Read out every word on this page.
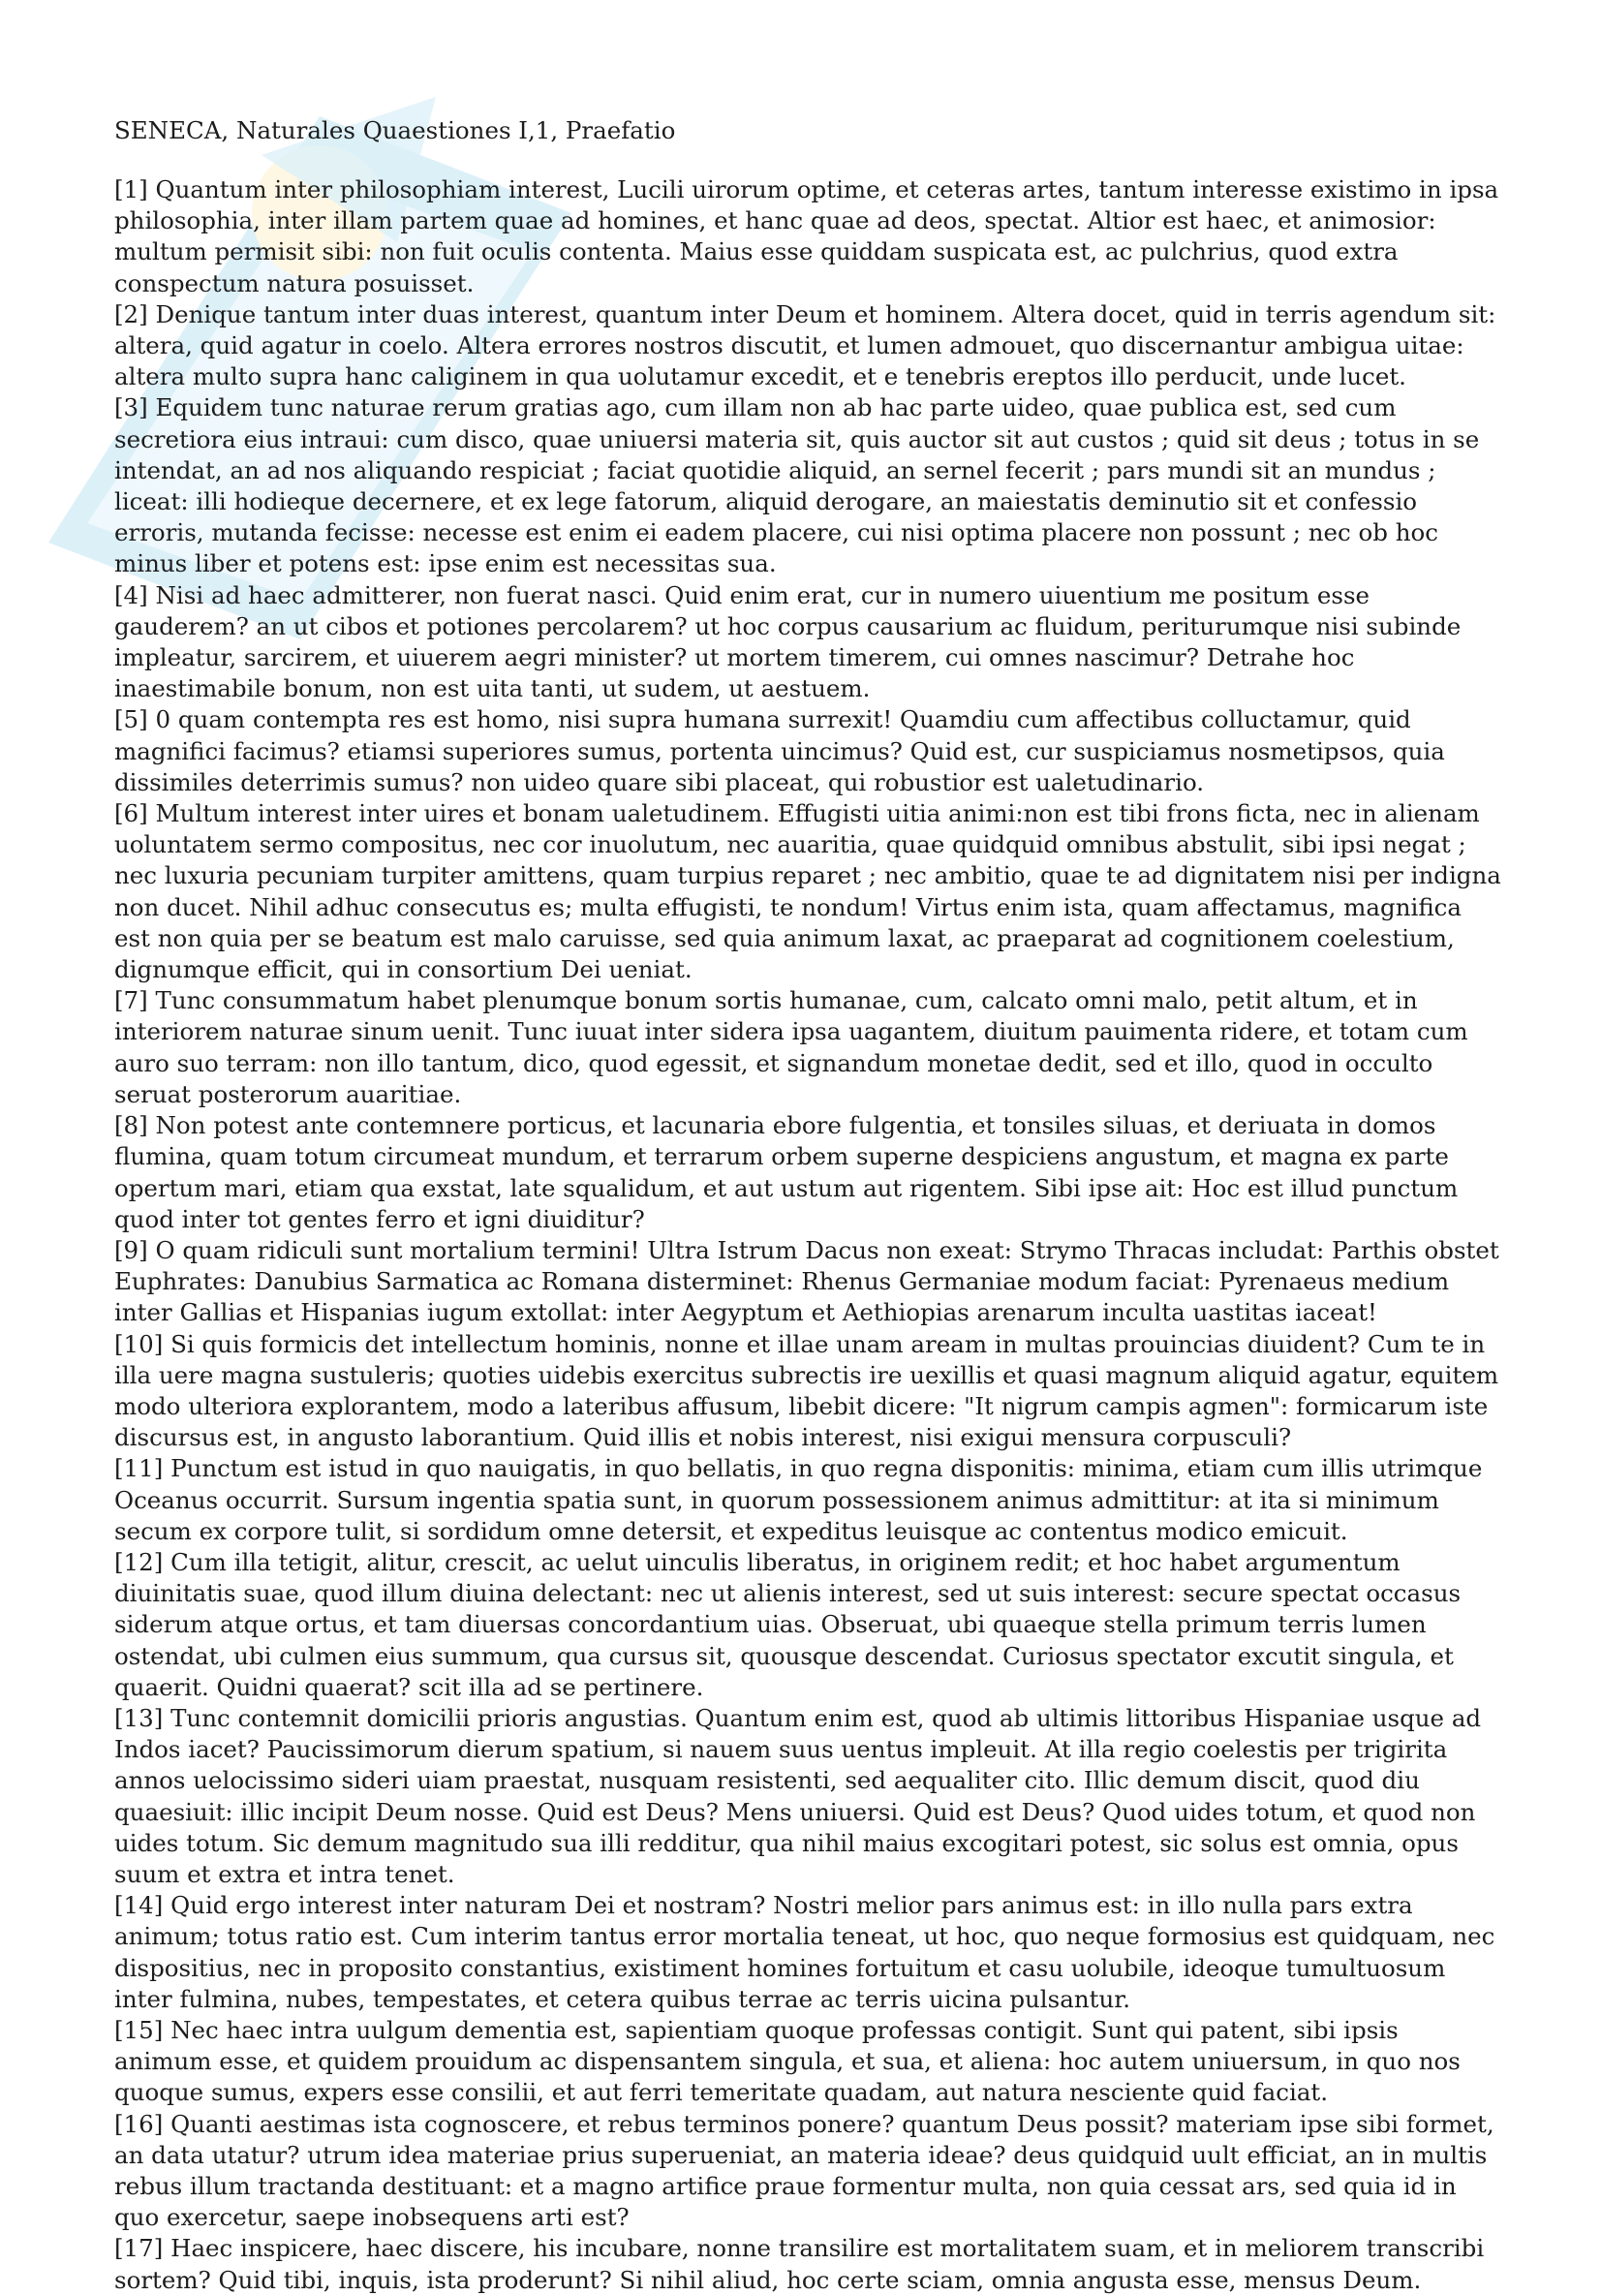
SENECA, Naturales Quaestiones I,1, Praefatio

[1] Quantum inter philosophiam interest, Lucili uirorum optime, et ceteras artes, tantum interesse existimo in ipsa philosophia, inter illam partem quae ad homines, et hanc quae ad deos, spectat. Altior est haec, et animosior: multum permisit sibi: non fuit oculis contenta. Maius esse quiddam suspicata est, ac pulchrius, quod extra conspectum natura posuisset.

[2] Denique tantum inter duas interest, quantum inter Deum et hominem. Altera docet, quid in terris agendum sit: altera, quid agatur in coelo. Altera errores nostros discutit, et lumen admouet, quo discernantur ambigua uitae: altera multo supra hanc caliginem in qua uolutamur excedit, et e tenebris ereptos illo perducit, unde lucet.

[3] Equidem tunc naturae rerum gratias ago, cum illam non ab hac parte uideo, quae publica est, sed cum secretiora eius intraui: cum disco, quae uniuersi materia sit, quis auctor sit aut custos ; quid sit deus ; totus in se intendat, an ad nos aliquando respiciat ; faciat quotidie aliquid, an sernel fecerit ; pars mundi sit an mundus ; liceat: illi hodieque decernere, et ex lege fatorum, aliquid derogare, an maiestatis deminutio sit et confessio erroris, mutanda fecisse: necesse est enim ei eadem placere, cui nisi optima placere non possunt ; nec ob hoc minus liber et potens est: ipse enim est necessitas sua.

[4] Nisi ad haec admitterer, non fuerat nasci. Quid enim erat, cur in numero uiuentium me positum esse gauderem? an ut cibos et potiones percolarem? ut hoc corpus causarium ac fluidum, periturumque nisi subinde impleatur, sarcirem, et uiuerem aegri minister? ut mortem timerem, cui omnes nascimur? Detrahe hoc inaestimabile bonum, non est uita tanti, ut sudem, ut aestuem.

[5] 0 quam contempta res est homo, nisi supra humana surrexit! Quamdiu cum affectibus colluctamur, quid magnifici facimus? etiamsi superiores sumus, portenta uincimus? Quid est, cur suspiciamus nosmetipsos, quia dissimiles deterrimis sumus? non uideo quare sibi placeat, qui robustior est ualetudinario.

[6] Multum interest inter uires et bonam ualetudinem. Effugisti uitia animi:non est tibi frons ficta, nec in alienam uoluntatem sermo compositus, nec cor inuolutum, nec auaritia, quae quidquid omnibus abstulit, sibi ipsi negat ; nec luxuria pecuniam turpiter amittens, quam turpius reparet ; nec ambitio, quae te ad dignitatem nisi per indigna non ducet. Nihil adhuc consecutus es; multa effugisti, te nondum! Virtus enim ista, quam affectamus, magnifica est non quia per se beatum est malo caruisse, sed quia animum laxat, ac praeparat ad cognitionem coelestium, dignumque efficit, qui in consortium Dei ueniat.

[7] Tunc consummatum habet plenumque bonum sortis humanae, cum, calcato omni malo, petit altum, et in interiorem naturae sinum uenit. Tunc iuuat inter sidera ipsa uagantem, diuitum pauimenta ridere, et totam cum auro suo terram: non illo tantum, dico, quod egessit, et signandum monetae dedit, sed et illo, quod in occulto seruat posterorum auaritiae.

[8] Non potest ante contemnere porticus, et lacunaria ebore fulgentia, et tonsiles siluas, et deriuata in domos flumina, quam totum circumeat mundum, et terrarum orbem superne despiciens angustum, et magna ex parte opertum mari, etiam qua exstat, late squalidum, et aut ustum aut rigentem. Sibi ipse ait: Hoc est illud punctum quod inter tot gentes ferro et igni diuiditur?

[9] O quam ridiculi sunt mortalium termini! Ultra Istrum Dacus non exeat: Strymo Thracas includat: Parthis obstet Euphrates: Danubius Sarmatica ac Romana disterminet: Rhenus Germaniae modum faciat: Pyrenaeus medium inter Gallias et Hispanias iugum extollat: inter Aegyptum et Aethiopias arenarum inculta uastitas iaceat!

[10] Si quis formicis det intellectum hominis, nonne et illae unam aream in multas prouincias diuident? Cum te in illa uere magna sustuleris; quoties uidebis exercitus subrectis ire uexillis et quasi magnum aliquid agatur, equitem modo ulteriora explorantem, modo a lateribus affusum, libebit dicere: "It nigrum campis agmen": formicarum iste discursus est, in angusto laborantium. Quid illis et nobis interest, nisi exigui mensura corpusculi?

[11] Punctum est istud in quo nauigatis, in quo bellatis, in quo regna disponitis: minima, etiam cum illis utrimque Oceanus occurrit. Sursum ingentia spatia sunt, in quorum possessionem animus admittitur: at ita si minimum secum ex corpore tulit, si sordidum omne detersit, et expeditus leuisque ac contentus modico emicuit.

[12] Cum illa tetigit, alitur, crescit, ac uelut uinculis liberatus, in originem redit; et hoc habet argumentum diuinitatis suae, quod illum diuina delectant: nec ut alienis interest, sed ut suis interest: secure spectat occasus siderum atque ortus, et tam diuersas concordantium uias. Obseruat, ubi quaeque stella primum terris lumen ostendat, ubi culmen eius summum, qua cursus sit, quousque descendat. Curiosus spectator excutit singula, et quaerit. Quidni quaerat? scit illa ad se pertinere.

[13] Tunc contemnit domicilii prioris angustias. Quantum enim est, quod ab ultimis littoribus Hispaniae usque ad Indos iacet? Paucissimorum dierum spatium, si nauem suus uentus impleuit. At illa regio coelestis per trigirita annos uelocissimo sideri uiam praestat, nusquam resistenti, sed aequaliter cito. Illic demum discit, quod diu quaesiuit: illic incipit Deum nosse. Quid est Deus? Mens uniuersi. Quid est Deus? Quod uides totum, et quod non uides totum. Sic demum magnitudo sua illi redditur, qua nihil maius excogitari potest, sic solus est omnia, opus suum et extra et intra tenet.

[14] Quid ergo interest inter naturam Dei et nostram? Nostri melior pars animus est: in illo nulla pars extra animum; totus ratio est. Cum interim tantus error mortalia teneat, ut hoc, quo neque formosius est quidquam, nec dispositius, nec in proposito constantius, existiment homines fortuitum et casu uolubile, ideoque tumultuosum inter fulmina, nubes, tempestates, et cetera quibus terrae ac terris uicina pulsantur.

[15] Nec haec intra uulgum dementia est, sapientiam quoque professas contigit. Sunt qui patent, sibi ipsis animum esse, et quidem prouidum ac dispensantem singula, et sua, et aliena: hoc autem uniuersum, in quo nos quoque sumus, expers esse consilii, et aut ferri temeritate quadam, aut natura nesciente quid faciat.

[16] Quanti aestimas ista cognoscere, et rebus terminos ponere? quantum Deus possit? materiam ipse sibi formet, an data utatur? utrum idea materiae prius superueniat, an materia ideae? deus quidquid uult efficiat, an in multis rebus illum tractanda destituant: et a magno artifice praue formentur multa, non quia cessat ars, sed quia id in quo exercetur, saepe inobsequens arti est?

[17] Haec inspicere, haec discere, his incubare, nonne transilire est mortalitatem suam, et in meliorem transcribi sortem? Quid tibi, inquis, ista proderunt? Si nihil aliud, hoc certe sciam, omnia angusta esse, mensus Deum.
